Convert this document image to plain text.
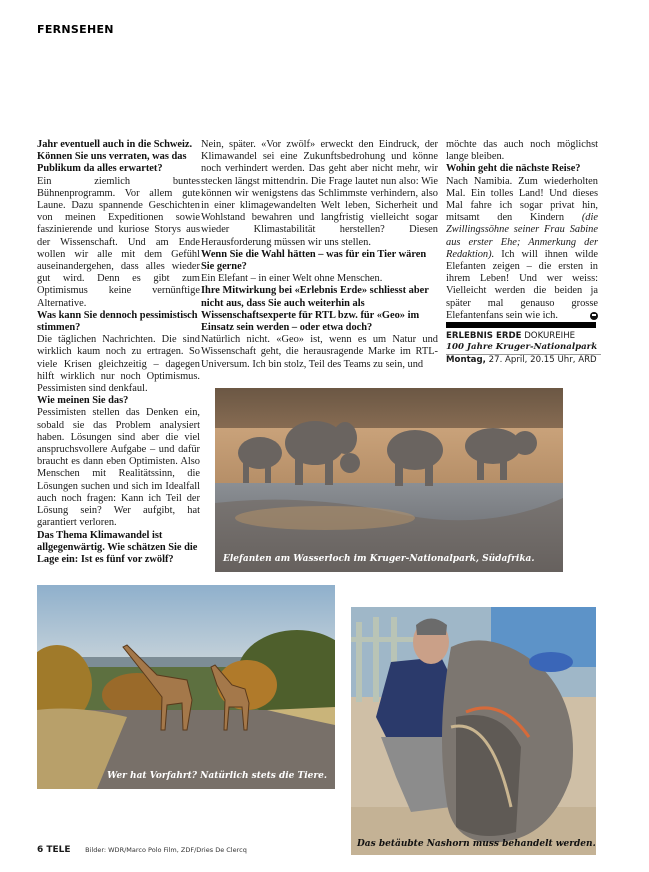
FERNSEHEN

Jahr eventuell auch in die Schweiz. Können Sie uns verraten, was das Publikum da alles erwartet?

Ein ziemlich buntes Bühnenprogramm. Vor allem gute Laune. Dazu spannende Geschichten von meinen Expeditionen sowie faszinierende und kuriose Storys aus der Wissenschaft. Und am Ende wollen wir alle mit dem Gefühl auseinandergehen, dass alles wieder gut wird. Denn es gibt zum Optimismus keine vernünftige Alternative.

Was kann Sie dennoch pessimistisch stimmen?

Die täglichen Nachrichten. Die sind wirklich kaum noch zu ertragen. So viele Krisen gleichzeitig – dagegen hilft wirklich nur noch Optimismus. Pessimisten sind denkfaul.

Wie meinen Sie das?

Pessimisten stellen das Denken ein, sobald sie das Problem analysiert haben. Lösungen sind aber die viel anspruchsvollere Aufgabe – und dafür braucht es dann eben Optimisten. Also Menschen mit Realitätssinn, die Lösungen suchen und sich im Idealfall auch noch fragen: Kann ich Teil der Lösung sein? Wer aufgibt, hat garantiert verloren.

Das Thema Klimawandel ist allgegenwärtig. Wie schätzen Sie die Lage ein: Ist es fünf vor zwölf?

Nein, später. «Vor zwölf» erweckt den Eindruck, der Klimawandel sei eine Zukunftsbedrohung und könne noch verhindert werden. Das geht aber nicht mehr, wir stecken längst mittendrin. Die Frage lautet nun also: Wie können wir wenigstens das Schlimmste verhindern, also in einer klimagewandelten Welt leben, Sicherheit und Wohlstand bewahren und langfristig vielleicht sogar wieder Klimastabilität herstellen? Diesen Herausforderung müssen wir uns stellen.

Wenn Sie die Wahl hätten – was für ein Tier wären Sie gerne?

Ein Elefant – in einer Welt ohne Menschen.

Ihre Mitwirkung bei «Erlebnis Erde» schliesst aber nicht aus, dass Sie auch weiterhin als Wissenschaftsexperte für RTL bzw. für «Geo» im Einsatz sein werden – oder etwa doch?

Natürlich nicht. «Geo» ist, wenn es um Natur und Wissenschaft geht, die herausragende Marke im RTL-Universum. Ich bin stolz, Teil des Teams zu sein, und

möchte das auch noch möglichst lange bleiben.

Wohin geht die nächste Reise?

Nach Namibia. Zum wiederholten Mal. Ein tolles Land! Und dieses Mal fahre ich sogar privat hin, mitsamt den Kindern (die Zwillingssöhne seiner Frau Sabine aus erster Ehe; Anmerkung der Redaktion). Ich will ihnen wilde Elefanten zeigen – die ersten in ihrem Leben! Und wer weiss: Vielleicht werden die beiden ja später mal genauso grosse Elefantenfans sein wie ich.

ERLEBNIS ERDE DOKUREIHE
100 Jahre Kruger-Nationalpark
Montag, 27. April, 20.15 Uhr, ARD
Elefanten am Wasserloch im Kruger-Nationalpark, Südafrika.
Wer hat Vorfahrt? Natürlich stets die Tiere.
Das betäubte Nashorn muss behandelt werden.
6 TELE Bilder: WDR/Marco Polo Film, ZDF/Dries De Clercq
